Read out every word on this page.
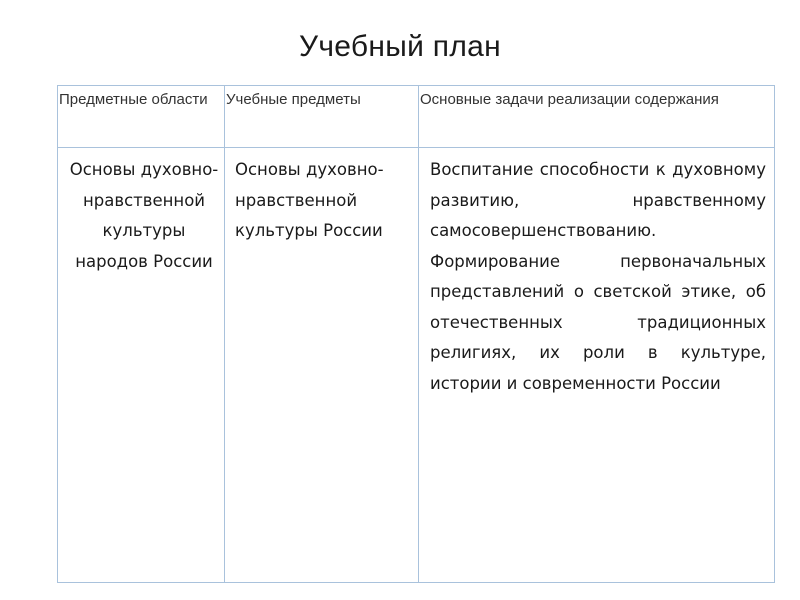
Учебный план
Предметные области	Учебные предметы	Основные задачи реализации содержания

Основы духовно-нравственной культуры народов России	Основы духовно-нравственной культуры России	Воспитание способности к духовному развитию, нравственному самосовершенствованию.
Формирование первоначальных представлений о светской этике, об отечественных традиционных религиях, их роли в культуре, истории и современности России
